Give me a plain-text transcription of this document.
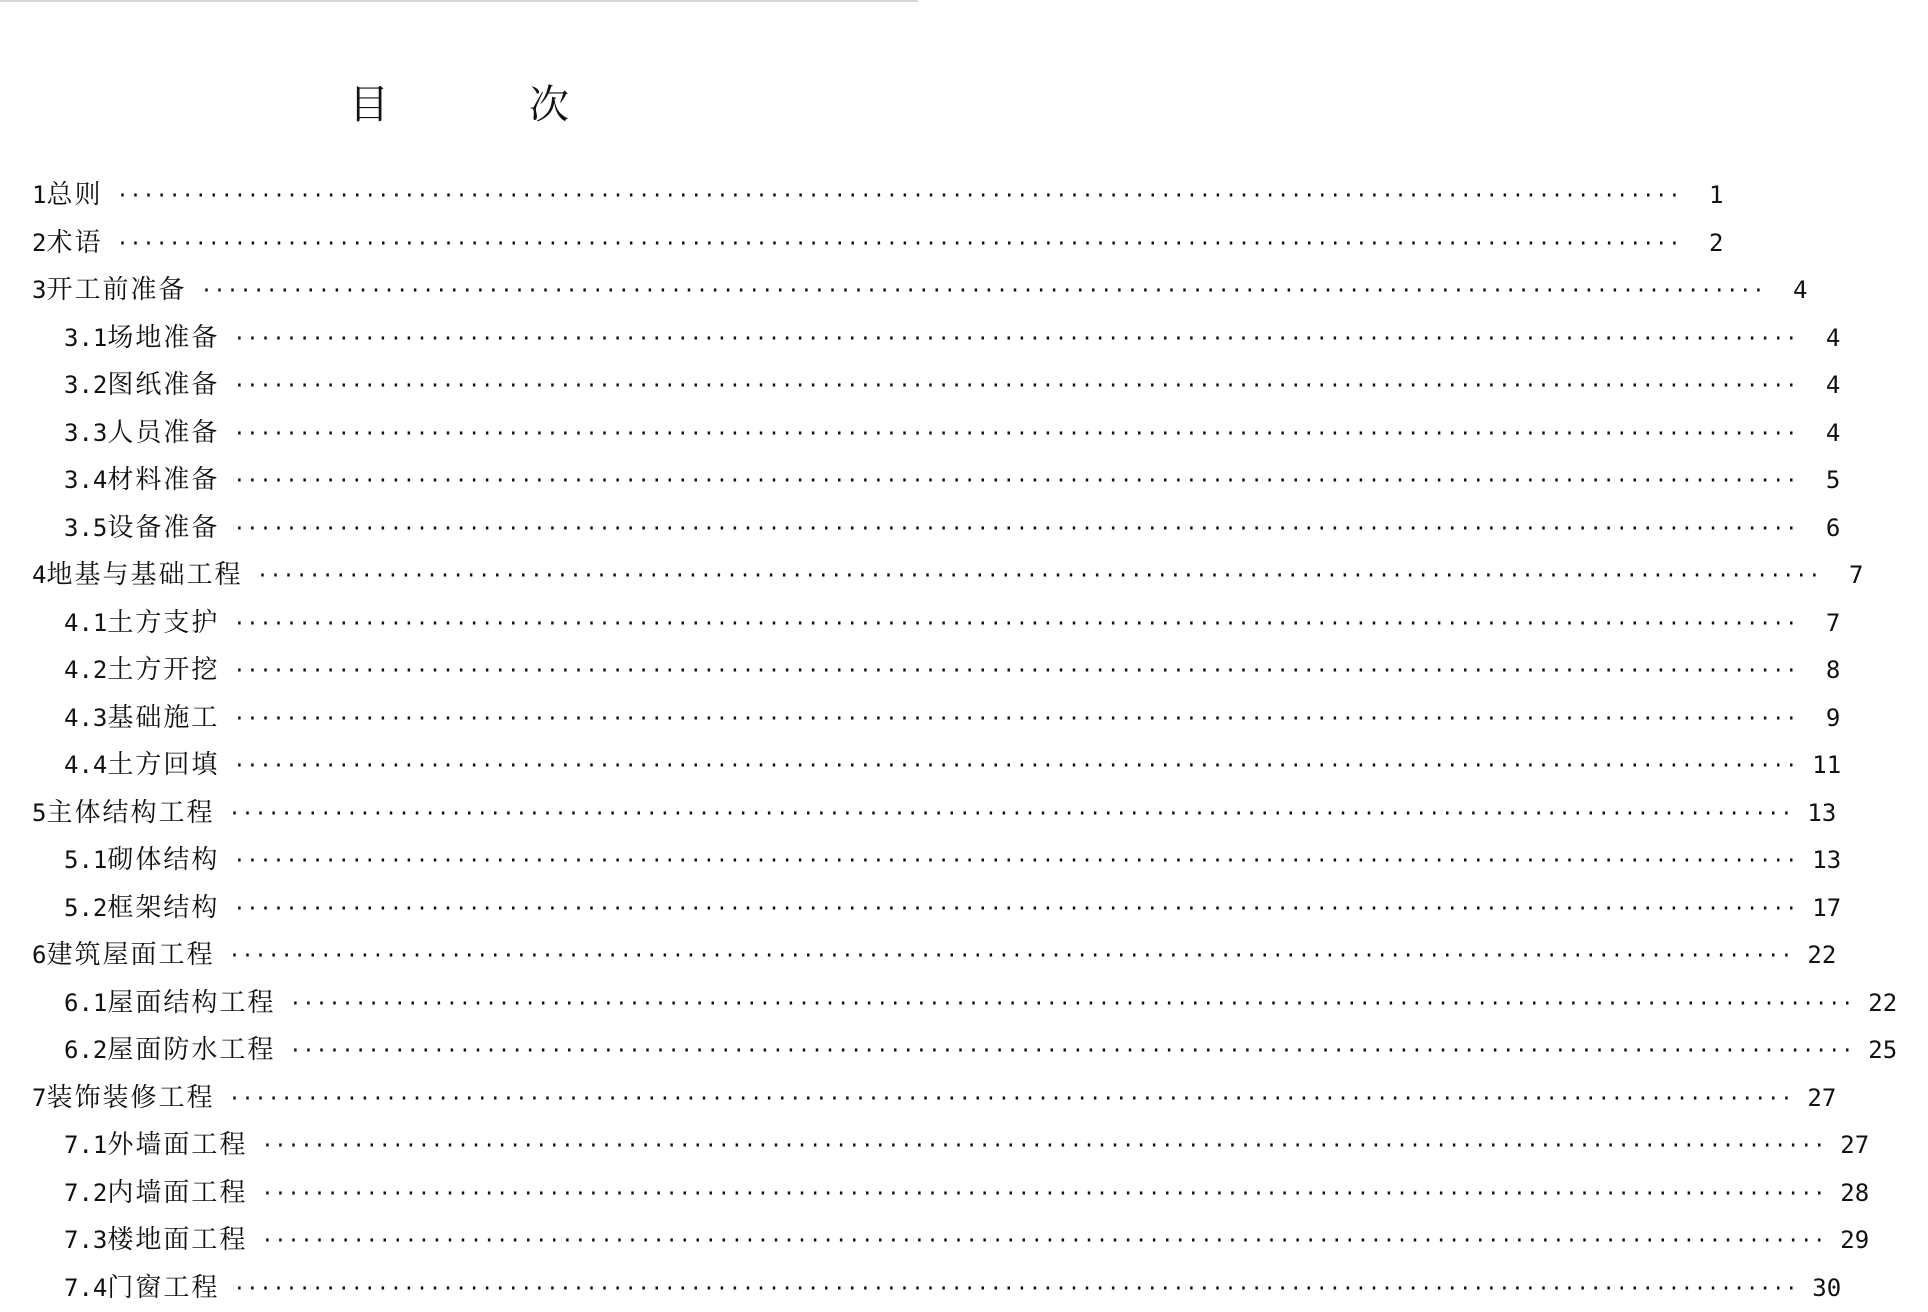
目　次
1 总则 ························································································································	1
2 术语 ························································································································	2
3 开工前准备 ························································································································	4
3.1 场地准备 ························································································································	4
3.2 图纸准备 ························································································································	4
3.3 人员准备 ························································································································	4
3.4 材料准备 ························································································································	5
3.5 设备准备 ························································································································	6
4 地基与基础工程 ························································································································	7
4.1 土方支护 ························································································································	7
4.2 土方开挖 ························································································································	8
4.3 基础施工 ························································································································	9
4.4 土方回填 ························································································································ 11
5 主体结构工程 ························································································································ 13
5.1 砌体结构 ························································································································ 13
5.2 框架结构 ························································································································ 17
6 建筑屋面工程 ························································································································ 22
6.1 屋面结构工程 ························································································································ 22
6.2 屋面防水工程 ························································································································ 25
7 装饰装修工程 ························································································································ 27
7.1 外墙面工程 ························································································································ 27
7.2 内墙面工程 ························································································································ 28
7.3 楼地面工程 ························································································································ 29
7.4 门窗工程 ························································································································ 30
